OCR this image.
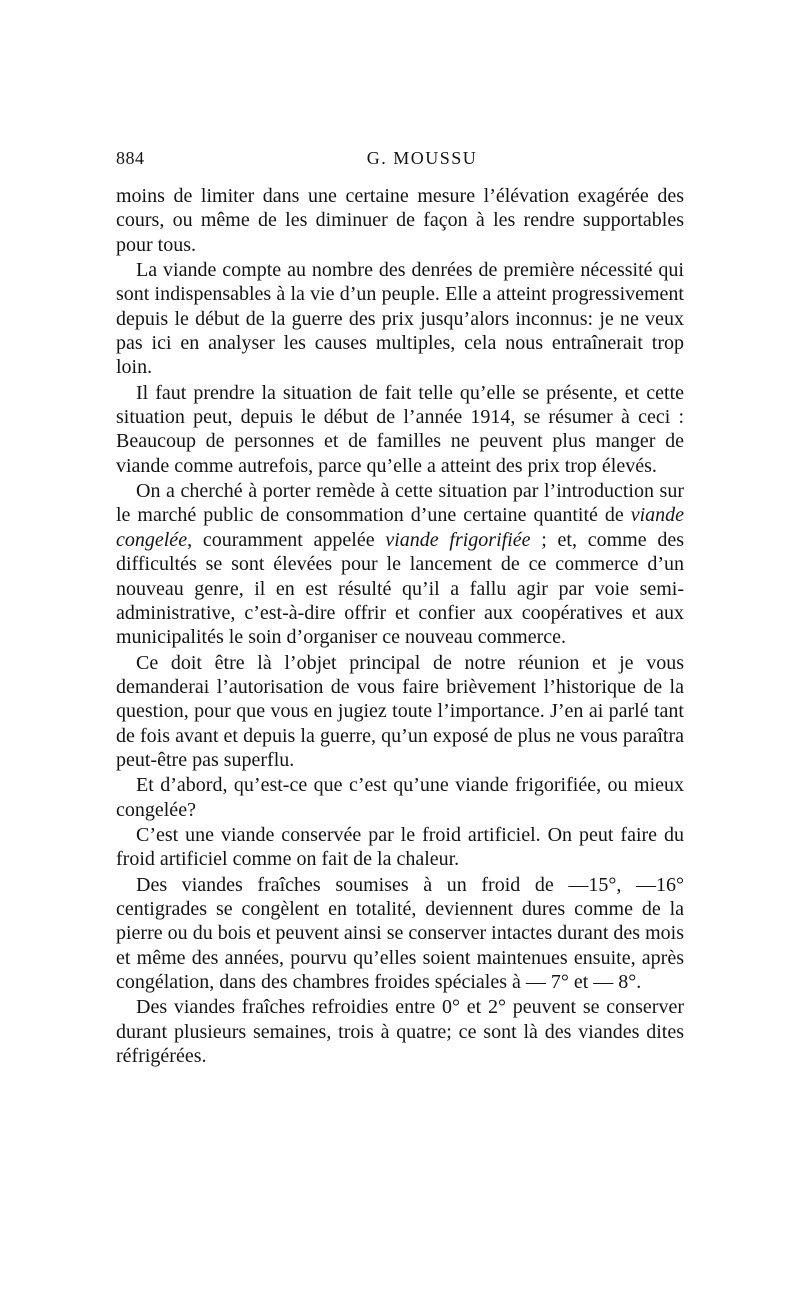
884	G. MOUSSU

moins de limiter dans une certaine mesure l’élévation exagérée des cours, ou même de les diminuer de façon à les rendre supportables pour tous.

La viande compte au nombre des denrées de première nécessité qui sont indispensables à la vie d’un peuple. Elle a atteint progressivement depuis le début de la guerre des prix jusqu’alors inconnus: je ne veux pas ici en analyser les causes multiples, cela nous entraînerait trop loin.

Il faut prendre la situation de fait telle qu’elle se présente, et cette situation peut, depuis le début de l’année 1914, se résumer à ceci : Beaucoup de personnes et de familles ne peuvent plus manger de viande comme autrefois, parce qu’elle a atteint des prix trop élevés.

On a cherché à porter remède à cette situation par l’introduction sur le marché public de consommation d’une certaine quantité de viande congelée, couramment appelée viande frigorifiée ; et, comme des difficultés se sont élevées pour le lancement de ce commerce d’un nouveau genre, il en est résulté qu’il a fallu agir par voie semi-administrative, c’est-à-dire offrir et confier aux coopératives et aux municipalités le soin d’organiser ce nouveau commerce.

Ce doit être là l’objet principal de notre réunion et je vous demanderai l’autorisation de vous faire brièvement l’historique de la question, pour que vous en jugiez toute l’importance. J’en ai parlé tant de fois avant et depuis la guerre, qu’un exposé de plus ne vous paraîtra peut-être pas superflu.

Et d’abord, qu’est-ce que c’est qu’une viande frigorifiée, ou mieux congelée?

C’est une viande conservée par le froid artificiel. On peut faire du froid artificiel comme on fait de la chaleur.

Des viandes fraîches soumises à un froid de —15°, —16° centigrades se congèlent en totalité, deviennent dures comme de la pierre ou du bois et peuvent ainsi se conserver intactes durant des mois et même des années, pourvu qu’elles soient maintenues ensuite, après congélation, dans des chambres froides spéciales à — 7° et — 8°.

Des viandes fraîches refroidies entre 0° et 2° peuvent se conserver durant plusieurs semaines, trois à quatre; ce sont là des viandes dites réfrigérées.
